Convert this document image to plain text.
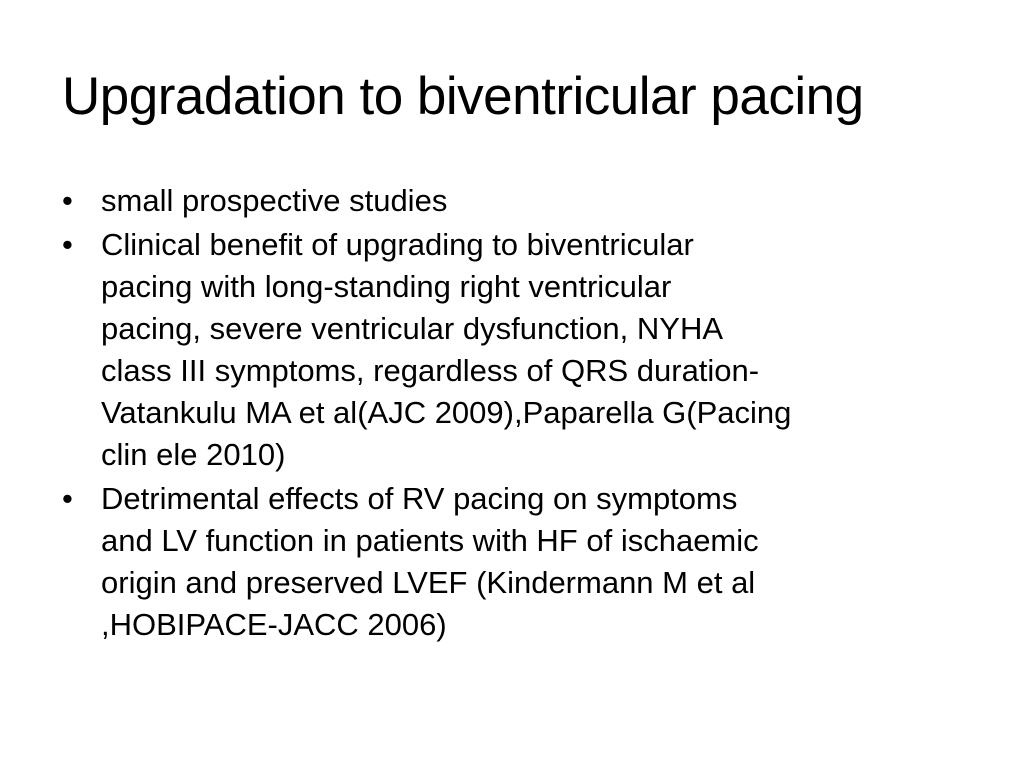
Upgradation to biventricular pacing
• small prospective studies
• Clinical benefit of upgrading to biventricular
pacing with long-standing right ventricular
pacing, severe ventricular dysfunction, NYHA
class III symptoms, regardless of QRS duration-
Vatankulu MA et al(AJC 2009),Paparella G(Pacing
clin ele 2010)
• Detrimental effects of RV pacing on symptoms
and LV function in patients with HF of ischaemic
origin and preserved LVEF (Kindermann M et al
,HOBIPACE-JACC 2006)
